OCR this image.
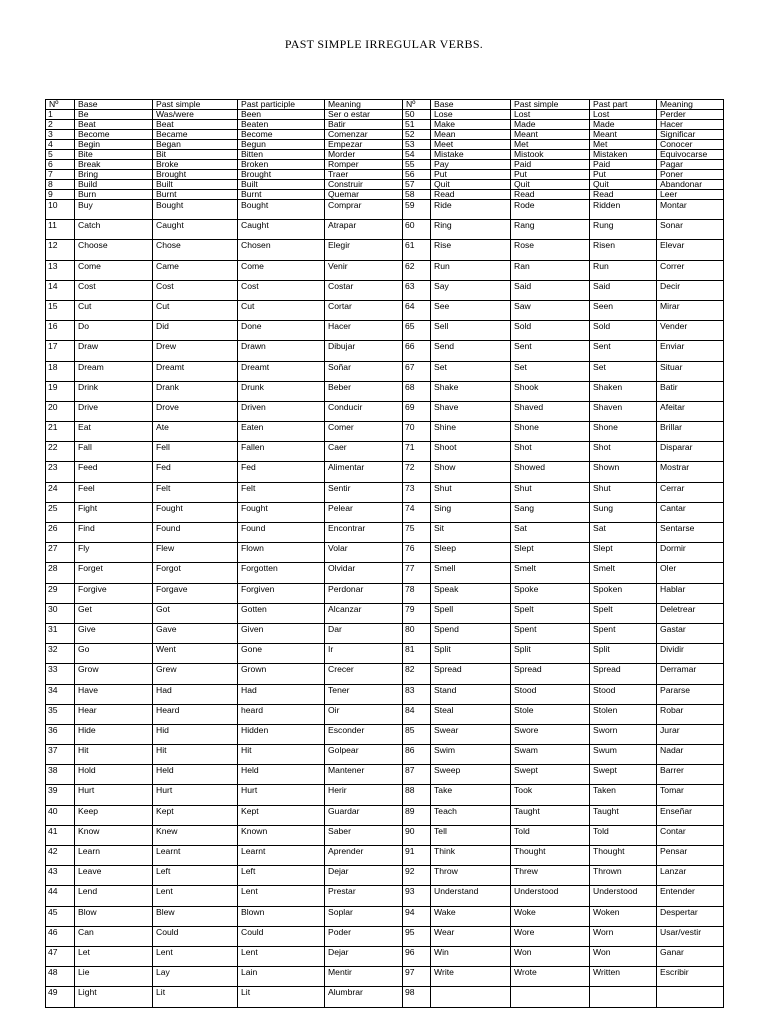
PAST SIMPLE IRREGULAR VERBS.
Nº	Base	Past simple	Past participle	Meaning	Nº	Base	Past simple	Past part	Meaning
1	Be	Was/were	Been	Ser o estar	50	Lose	Lost	Lost	Perder
2	Beat	Beat	Beaten	Batir	51	Make	Made	Made	Hacer
3	Become	Became	Become	Comenzar	52	Mean	Meant	Meant	Significar
4	Begin	Began	Begun	Empezar	53	Meet	Met	Met	Conocer
5	Bite	Bit	Bitten	Morder	54	Mistake	Mistook	Mistaken	Equivocarse
6	Break	Broke	Broken	Romper	55	Pay	Paid	Paid	Pagar
7	Bring	Brought	Brought	Traer	56	Put	Put	Put	Poner
8	Build	Built	Built	Construir	57	Quit	Quit	Quit	Abandonar
9	Burn	Burnt	Burnt	Quemar	58	Read	Read	Read	Leer
10	Buy	Bought	Bought	Comprar	59	Ride	Rode	Ridden	Montar
11	Catch	Caught	Caught	Atrapar	60	Ring	Rang	Rung	Sonar
12	Choose	Chose	Chosen	Elegir	61	Rise	Rose	Risen	Elevar
13	Come	Came	Come	Venir	62	Run	Ran	Run	Correr
14	Cost	Cost	Cost	Costar	63	Say	Said	Said	Decir
15	Cut	Cut	Cut	Cortar	64	See	Saw	Seen	Mirar
16	Do	Did	Done	Hacer	65	Sell	Sold	Sold	Vender
17	Draw	Drew	Drawn	Dibujar	66	Send	Sent	Sent	Enviar
18	Dream	Dreamt	Dreamt	Soñar	67	Set	Set	Set	Situar
19	Drink	Drank	Drunk	Beber	68	Shake	Shook	Shaken	Batir
20	Drive	Drove	Driven	Conducir	69	Shave	Shaved	Shaven	Afeitar
21	Eat	Ate	Eaten	Comer	70	Shine	Shone	Shone	Brillar
22	Fall	Fell	Fallen	Caer	71	Shoot	Shot	Shot	Disparar
23	Feed	Fed	Fed	Alimentar	72	Show	Showed	Shown	Mostrar
24	Feel	Felt	Felt	Sentir	73	Shut	Shut	Shut	Cerrar
25	Fight	Fought	Fought	Pelear	74	Sing	Sang	Sung	Cantar
26	Find	Found	Found	Encontrar	75	Sit	Sat	Sat	Sentarse
27	Fly	Flew	Flown	Volar	76	Sleep	Slept	Slept	Dormir
28	Forget	Forgot	Forgotten	Olvidar	77	Smell	Smelt	Smelt	Oler
29	Forgive	Forgave	Forgiven	Perdonar	78	Speak	Spoke	Spoken	Hablar
30	Get	Got	Gotten	Alcanzar	79	Spell	Spelt	Spelt	Deletrear
31	Give	Gave	Given	Dar	80	Spend	Spent	Spent	Gastar
32	Go	Went	Gone	Ir	81	Split	Split	Split	Dividir
33	Grow	Grew	Grown	Crecer	82	Spread	Spread	Spread	Derramar
34	Have	Had	Had	Tener	83	Stand	Stood	Stood	Pararse
35	Hear	Heard	heard	Oir	84	Steal	Stole	Stolen	Robar
36	Hide	Hid	Hidden	Esconder	85	Swear	Swore	Sworn	Jurar
37	Hit	Hit	Hit	Golpear	86	Swim	Swam	Swum	Nadar
38	Hold	Held	Held	Mantener	87	Sweep	Swept	Swept	Barrer
39	Hurt	Hurt	Hurt	Herir	88	Take	Took	Taken	Tomar
40	Keep	Kept	Kept	Guardar	89	Teach	Taught	Taught	Enseñar
41	Know	Knew	Known	Saber	90	Tell	Told	Told	Contar
42	Learn	Learnt	Learnt	Aprender	91	Think	Thought	Thought	Pensar
43	Leave	Left	Left	Dejar	92	Throw	Threw	Thrown	Lanzar
44	Lend	Lent	Lent	Prestar	93	Understand	Understood	Understood	Entender
45	Blow	Blew	Blown	Soplar	94	Wake	Woke	Woken	Despertar
46	Can	Could	Could	Poder	95	Wear	Wore	Worn	Usar/vestir
47	Let	Lent	Lent	Dejar	96	Win	Won	Won	Ganar
48	Lie	Lay	Lain	Mentir	97	Write	Wrote	Written	Escribir
49	Light	Lit	Lit	Alumbrar	98				
